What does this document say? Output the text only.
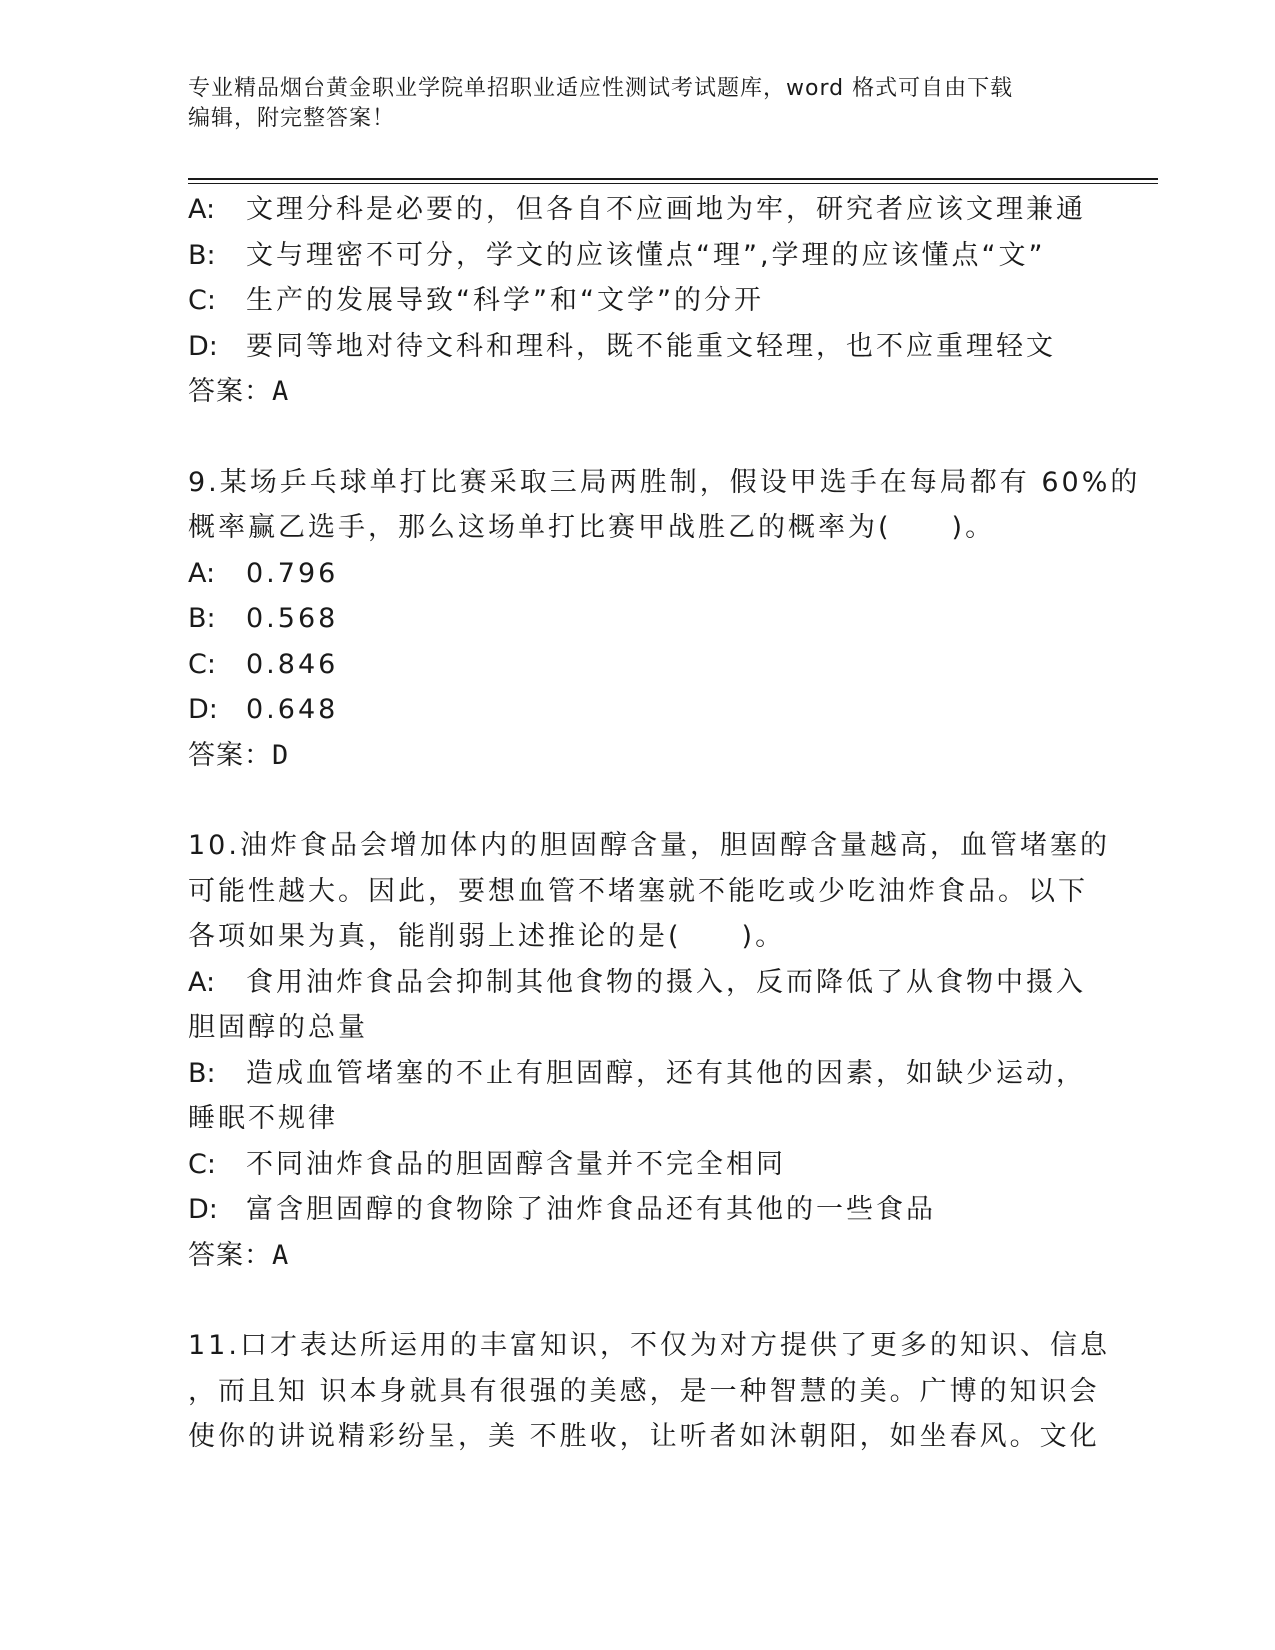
专业精品烟台黄金职业学院单招职业适应性测试考试题库，word 格式可自由下载
编辑，附完整答案！
A: 文理分科是必要的，但各自不应画地为牢，研究者应该文理兼通
B: 文与理密不可分，学文的应该懂点“理”,学理的应该懂点“文”
C: 生产的发展导致“科学”和“文学”的分开
D: 要同等地对待文科和理科，既不能重文轻理，也不应重理轻文
答案：A
9.某场乒乓球单打比赛采取三局两胜制，假设甲选手在每局都有 60%的
概率赢乙选手，那么这场单打比赛甲战胜乙的概率为(　　)。
A: 0.796
B: 0.568
C: 0.846
D: 0.648
答案：D
10.油炸食品会增加体内的胆固醇含量，胆固醇含量越高，血管堵塞的
可能性越大。因此，要想血管不堵塞就不能吃或少吃油炸食品。以下
各项如果为真，能削弱上述推论的是(　　)。
A: 食用油炸食品会抑制其他食物的摄入，反而降低了从食物中摄入
胆固醇的总量
B: 造成血管堵塞的不止有胆固醇，还有其他的因素，如缺少运动，
睡眠不规律
C: 不同油炸食品的胆固醇含量并不完全相同
D: 富含胆固醇的食物除了油炸食品还有其他的一些食品
答案：A
11.口才表达所运用的丰富知识，不仅为对方提供了更多的知识、信息
，而且知 识本身就具有很强的美感，是一种智慧的美。广博的知识会
使你的讲说精彩纷呈，美 不胜收，让听者如沐朝阳，如坐春风。文化
